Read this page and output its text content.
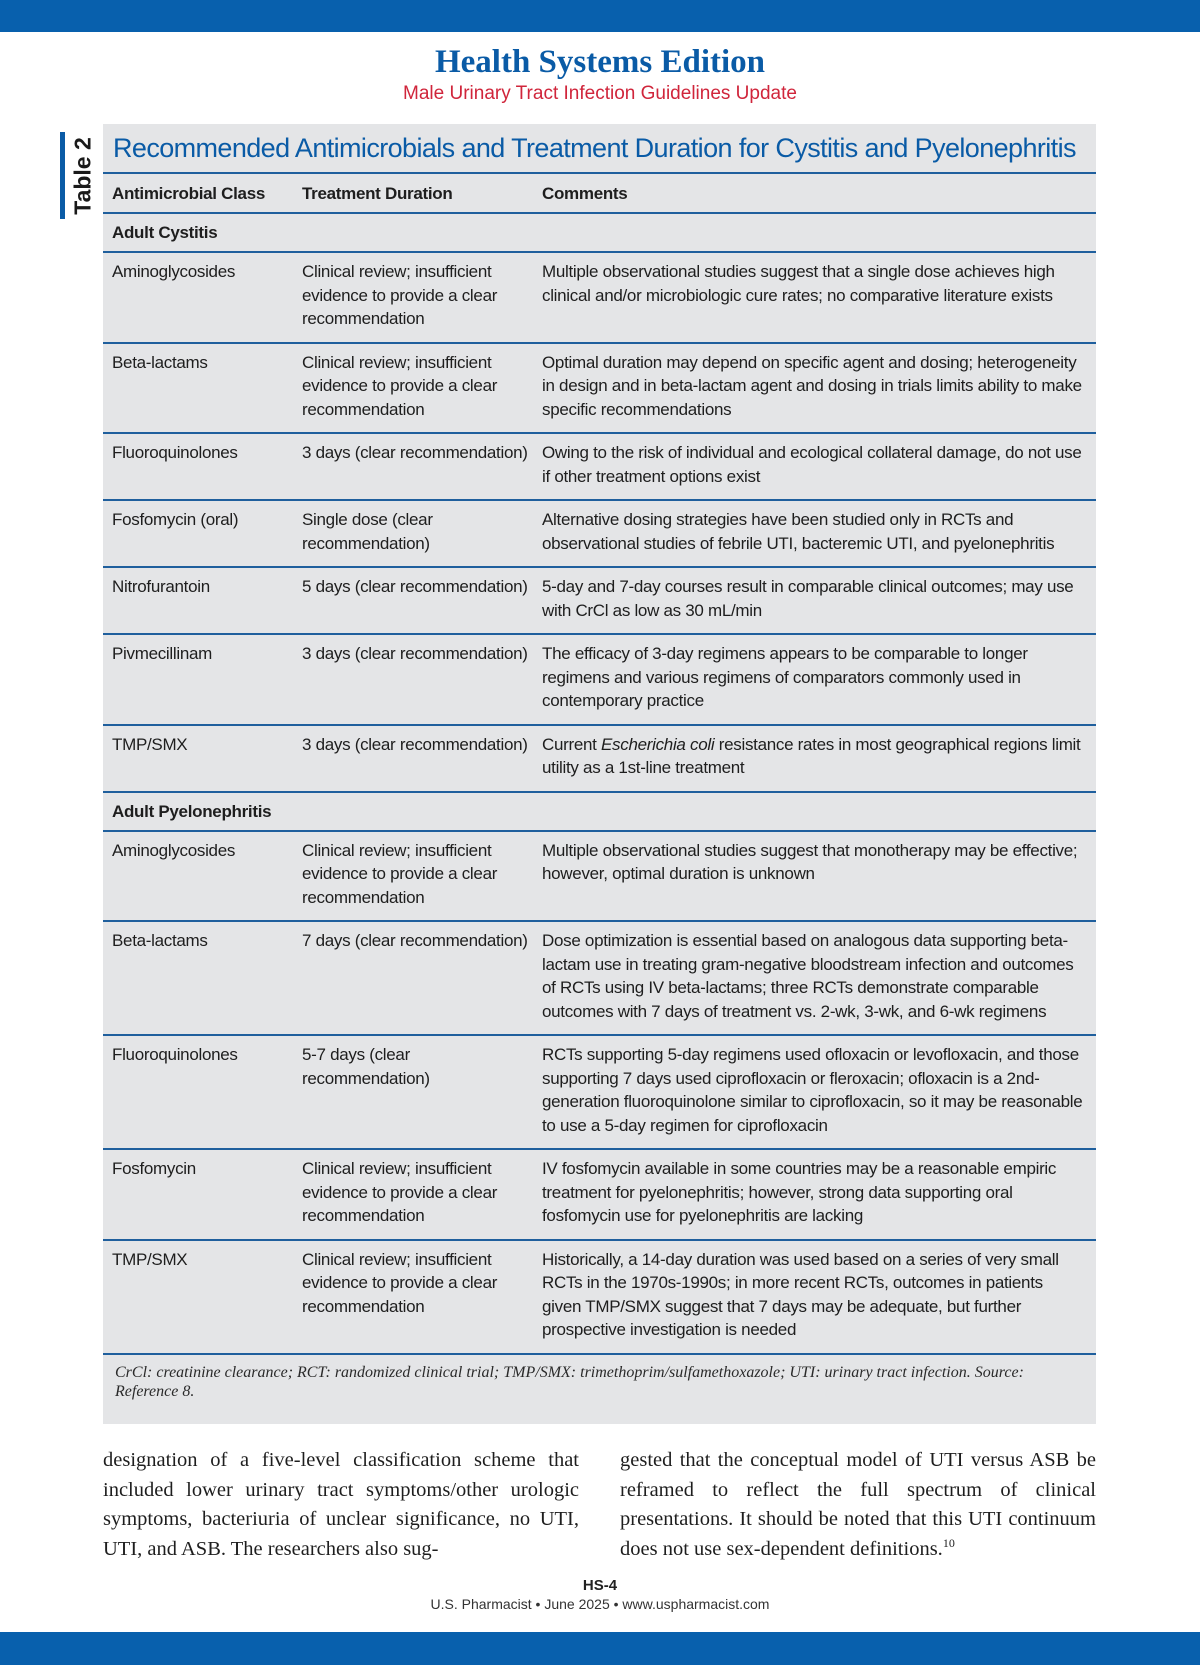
Health Systems Edition
Male Urinary Tract Infection Guidelines Update
Table 2 Recommended Antimicrobials and Treatment Duration for Cystitis and Pyelonephritis
Antimicrobial Class	Treatment Duration	Comments
Adult Cystitis		
Aminoglycosides	Clinical review; insufficient evidence to provide a clear recommendation	Multiple observational studies suggest that a single dose achieves high clinical and/or microbiologic cure rates; no comparative literature exists

Beta-lactams	Clinical review; insufficient evidence to provide a clear recommendation	Optimal duration may depend on specific agent and dosing; heterogeneity in design and in beta-lactam agent and dosing in trials limits ability to make specific recommendations

Fluoroquinolones	3 days (clear recommendation)	Owing to the risk of individual and ecological collateral damage, do not use if other treatment options exist

Fosfomycin (oral)	Single dose (clear recommendation)	Alternative dosing strategies have been studied only in RCTs and observational studies of febrile UTI, bacteremic UTI, and pyelonephritis

Nitrofurantoin	5 days (clear recommendation)	5-day and 7-day courses result in comparable clinical outcomes; may use with CrCl as low as 30 mL/min

Pivmecillinam	3 days (clear recommendation)	The efficacy of 3-day regimens appears to be comparable to longer regimens and various regimens of comparators commonly used in contemporary practice

TMP/SMX	3 days (clear recommendation)	Current Escherichia coli resistance rates in most geographical regions limit utility as a 1st-line treatment
Adult Pyelonephritis		
Aminoglycosides	Clinical review; insufficient evidence to provide a clear recommendation	Multiple observational studies suggest that monotherapy may be effective; however, optimal duration is unknown

Beta-lactams	7 days (clear recommendation)	Dose optimization is essential based on analogous data supporting beta-lactam use in treating gram-negative bloodstream infection and outcomes of RCTs using IV beta-lactams; three RCTs demonstrate comparable outcomes with 7 days of treatment vs. 2-wk, 3-wk, and 6-wk regimens

Fluoroquinolones	5-7 days (clear recommendation)	RCTs supporting 5-day regimens used ofloxacin or levofloxacin, and those supporting 7 days used ciprofloxacin or fleroxacin; ofloxacin is a 2nd-generation fluoroquinolone similar to ciprofloxacin, so it may be reasonable to use a 5-day regimen for ciprofloxacin

Fosfomycin	Clinical review; insufficient evidence to provide a clear recommendation	IV fosfomycin available in some countries may be a reasonable empiric treatment for pyelonephritis; however, strong data supporting oral fosfomycin use for pyelonephritis are lacking

TMP/SMX	Clinical review; insufficient evidence to provide a clear recommendation	Historically, a 14-day duration was used based on a series of very small RCTs in the 1970s-1990s; in more recent RCTs, outcomes in patients given TMP/SMX suggest that 7 days may be adequate, but further prospective investigation is needed

CrCl: creatinine clearance; RCT: randomized clinical trial; TMP/SMX: trimethoprim/sulfamethoxazole; UTI: urinary tract infection. Source: Reference 8.		
designation of a five-level classification scheme that included lower urinary tract symptoms/other urologic symptoms, bacteriuria of unclear significance, no UTI, UTI, and ASB. The researchers also sug-
gested that the conceptual model of UTI versus ASB be reframed to reflect the full spectrum of clinical presentations. It should be noted that this UTI continuum does not use sex-dependent definitions.$^{10}$
HS-4
U.S. Pharmacist • June 2025 • www.uspharmacist.com
